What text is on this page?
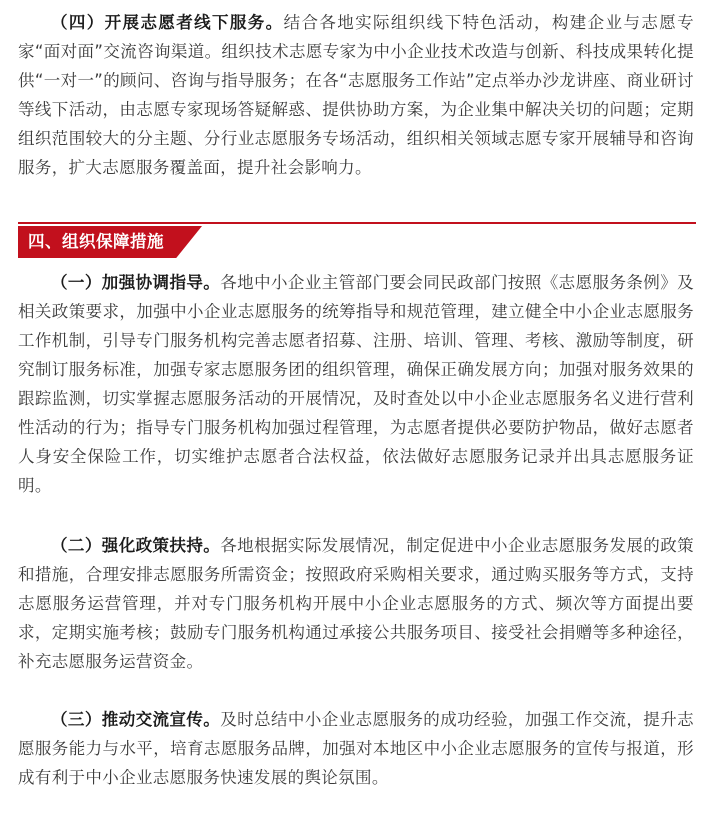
（四）开展志愿者线下服务。结合各地实际组织线下特色活动，构建企业与志愿专家“面对面”交流咨询渠道。组织技术志愿专家为中小企业技术改造与创新、科技成果转化提供“一对一”的顾问、咨询与指导服务；在各“志愿服务工作站”定点举办沙龙讲座、商业研讨等线下活动，由志愿专家现场答疑解惑、提供协助方案，为企业集中解决关切的问题；定期组织范围较大的分主题、分行业志愿服务专场活动，组织相关领域志愿专家开展辅导和咨询服务，扩大志愿服务覆盖面，提升社会影响力。

四、组织保障措施

（一）加强协调指导。各地中小企业主管部门要会同民政部门按照《志愿服务条例》及相关政策要求，加强中小企业志愿服务的统筹指导和规范管理，建立健全中小企业志愿服务工作机制，引导专门服务机构完善志愿者招募、注册、培训、管理、考核、激励等制度，研究制订服务标准，加强专家志愿服务团的组织管理，确保正确发展方向；加强对服务效果的跟踪监测，切实掌握志愿服务活动的开展情况，及时查处以中小企业志愿服务名义进行营利性活动的行为；指导专门服务机构加强过程管理，为志愿者提供必要防护物品，做好志愿者人身安全保险工作，切实维护志愿者合法权益，依法做好志愿服务记录并出具志愿服务证明。

（二）强化政策扶持。各地根据实际发展情况，制定促进中小企业志愿服务发展的政策和措施，合理安排志愿服务所需资金；按照政府采购相关要求，通过购买服务等方式，支持志愿服务运营管理，并对专门服务机构开展中小企业志愿服务的方式、频次等方面提出要求，定期实施考核；鼓励专门服务机构通过承接公共服务项目、接受社会捐赠等多种途径，补充志愿服务运营资金。

（三）推动交流宣传。及时总结中小企业志愿服务的成功经验，加强工作交流，提升志愿服务能力与水平，培育志愿服务品牌，加强对本地区中小企业志愿服务的宣传与报道，形成有利于中小企业志愿服务快速发展的舆论氛围。
